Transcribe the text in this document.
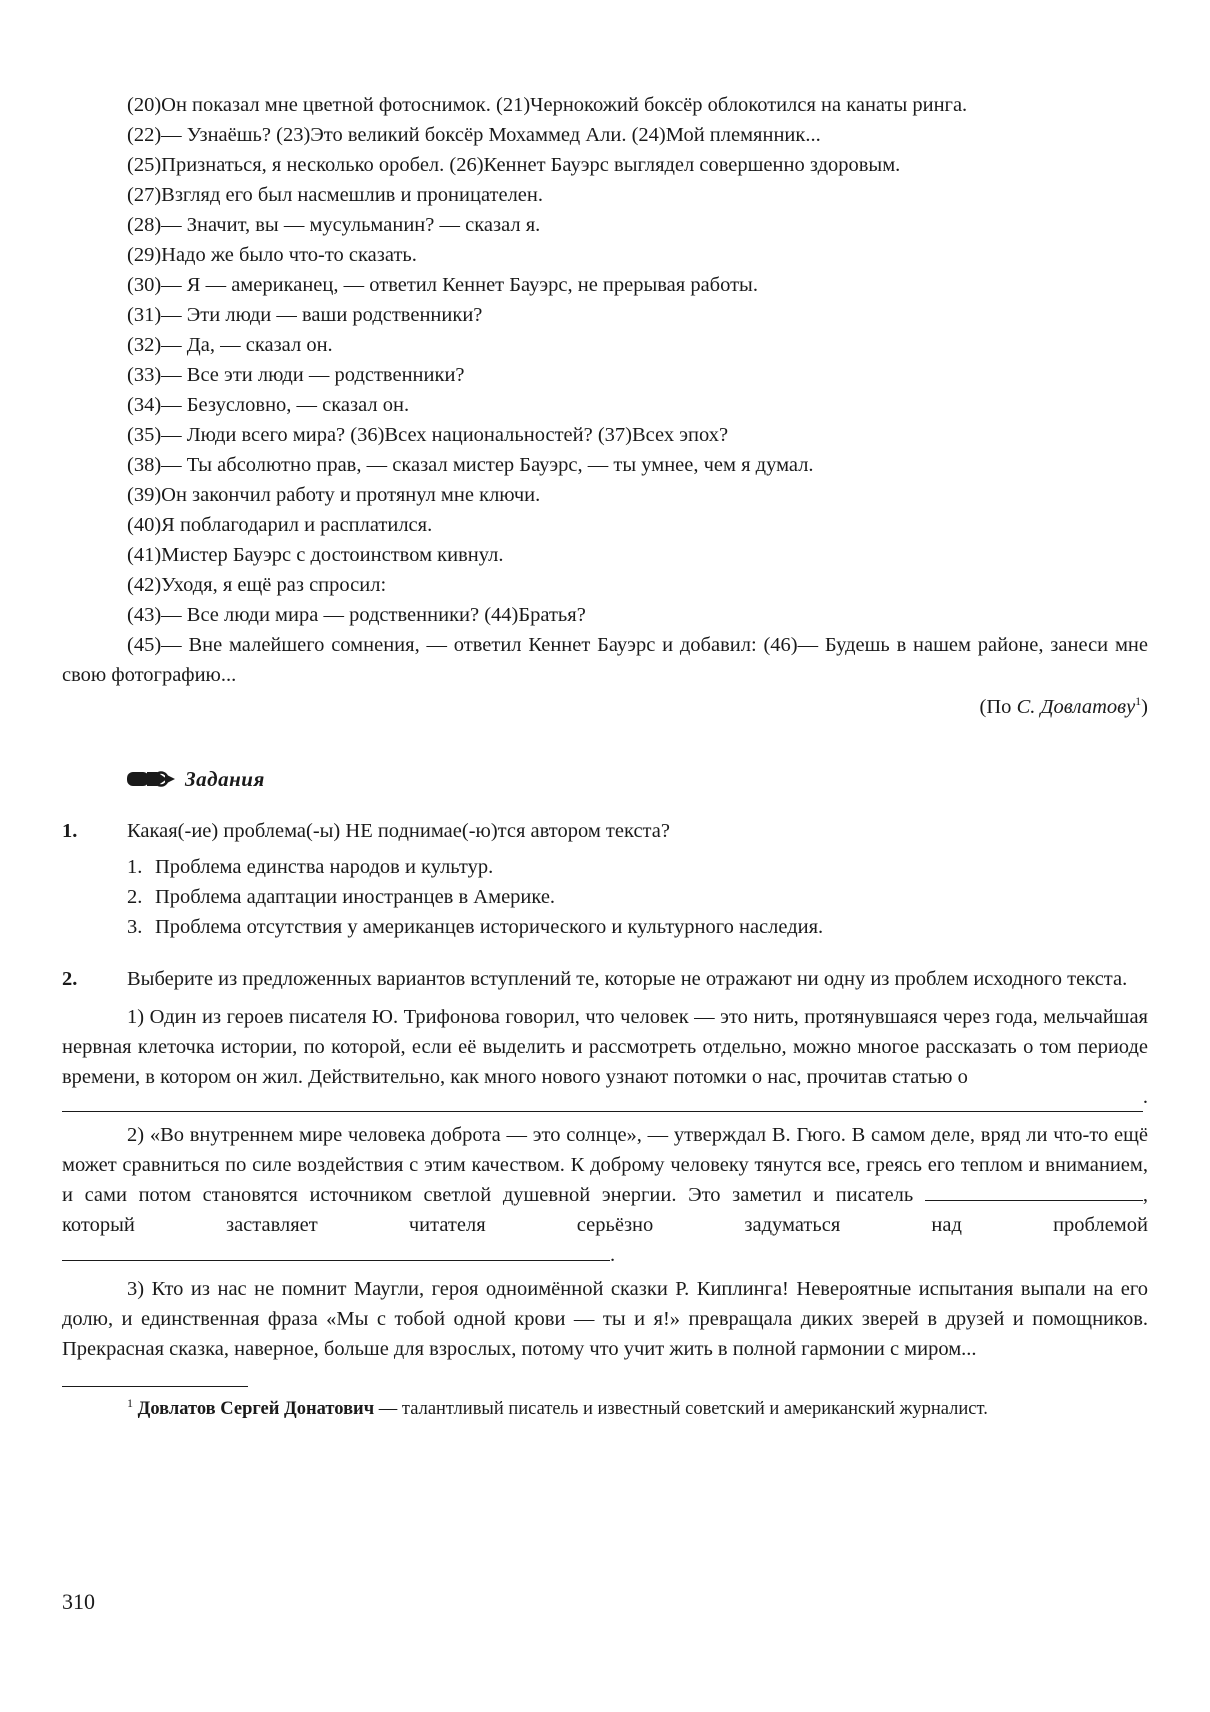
(20)Он показал мне цветной фотоснимок. (21)Чернокожий боксёр облокотился на канаты ринга.

(22)— Узнаёшь? (23)Это великий боксёр Мохаммед Али. (24)Мой племянник...

(25)Признаться, я несколько оробел. (26)Кеннет Бауэрс выглядел совершенно здоровым.

(27)Взгляд его был насмешлив и проницателен.

(28)— Значит, вы — мусульманин? — сказал я.

(29)Надо же было что-то сказать.

(30)— Я — американец, — ответил Кеннет Бауэрс, не прерывая работы.

(31)— Эти люди — ваши родственники?

(32)— Да, — сказал он.

(33)— Все эти люди — родственники?

(34)— Безусловно, — сказал он.

(35)— Люди всего мира? (36)Всех национальностей? (37)Всех эпох?

(38)— Ты абсолютно прав, — сказал мистер Бауэрс, — ты умнее, чем я думал.

(39)Он закончил работу и протянул мне ключи.

(40)Я поблагодарил и расплатился.

(41)Мистер Бауэрс с достоинством кивнул.

(42)Уходя, я ещё раз спросил:

(43)— Все люди мира — родственники? (44)Братья?

(45)— Вне малейшего сомнения, — ответил Кеннет Бауэрс и добавил: (46)— Будешь в нашем районе, занеси мне свою фотографию...

(По С. Довлатову$^1$)

Задания
1. Какая(-ие) проблема(-ы) НЕ поднимае(-ю)тся автором текста?

1. Проблема единства народов и культур.
2. Проблема адаптации иностранцев в Америке.
3. Проблема отсутствия у американцев исторического и культурного наследия.
2. Выберите из предложенных вариантов вступлений те, которые не отражают ни одну из проблем исходного текста.

1) Один из героев писателя Ю. Трифонова говорил, что человек — это нить, протянувшаяся через года, мельчайшая нервная клеточка истории, по которой, если её выделить и рассмотреть отдельно, можно многое рассказать о том периоде времени, в котором он жил. Действительно, как много нового узнают потомки о нас, прочитав статью о

.

2) «Во внутреннем мире человека доброта — это солнце», — утверждал В. Гюго. В самом деле, вряд ли что-то ещё может сравниться по силе воздействия с этим качеством. К доброму человеку тянутся все, греясь его теплом и вниманием, и сами потом становятся источником светлой душевной энергии. Это заметил и писатель	, который заставляет читателя серьёзно задуматься над проблемой .

3) Кто из нас не помнит Маугли, героя одноимённой сказки Р. Киплинга! Невероятные испытания выпали на его долю, и единственная фраза «Мы с тобой одной крови — ты и я!» превращала диких зверей в друзей и помощников. Прекрасная сказка, наверное, больше для взрослых, потому что учит жить в полной гармонии с миром...

$^1$ Довлатов Сергей Донатович — талантливый писатель и известный советский и американский журналист.

310
